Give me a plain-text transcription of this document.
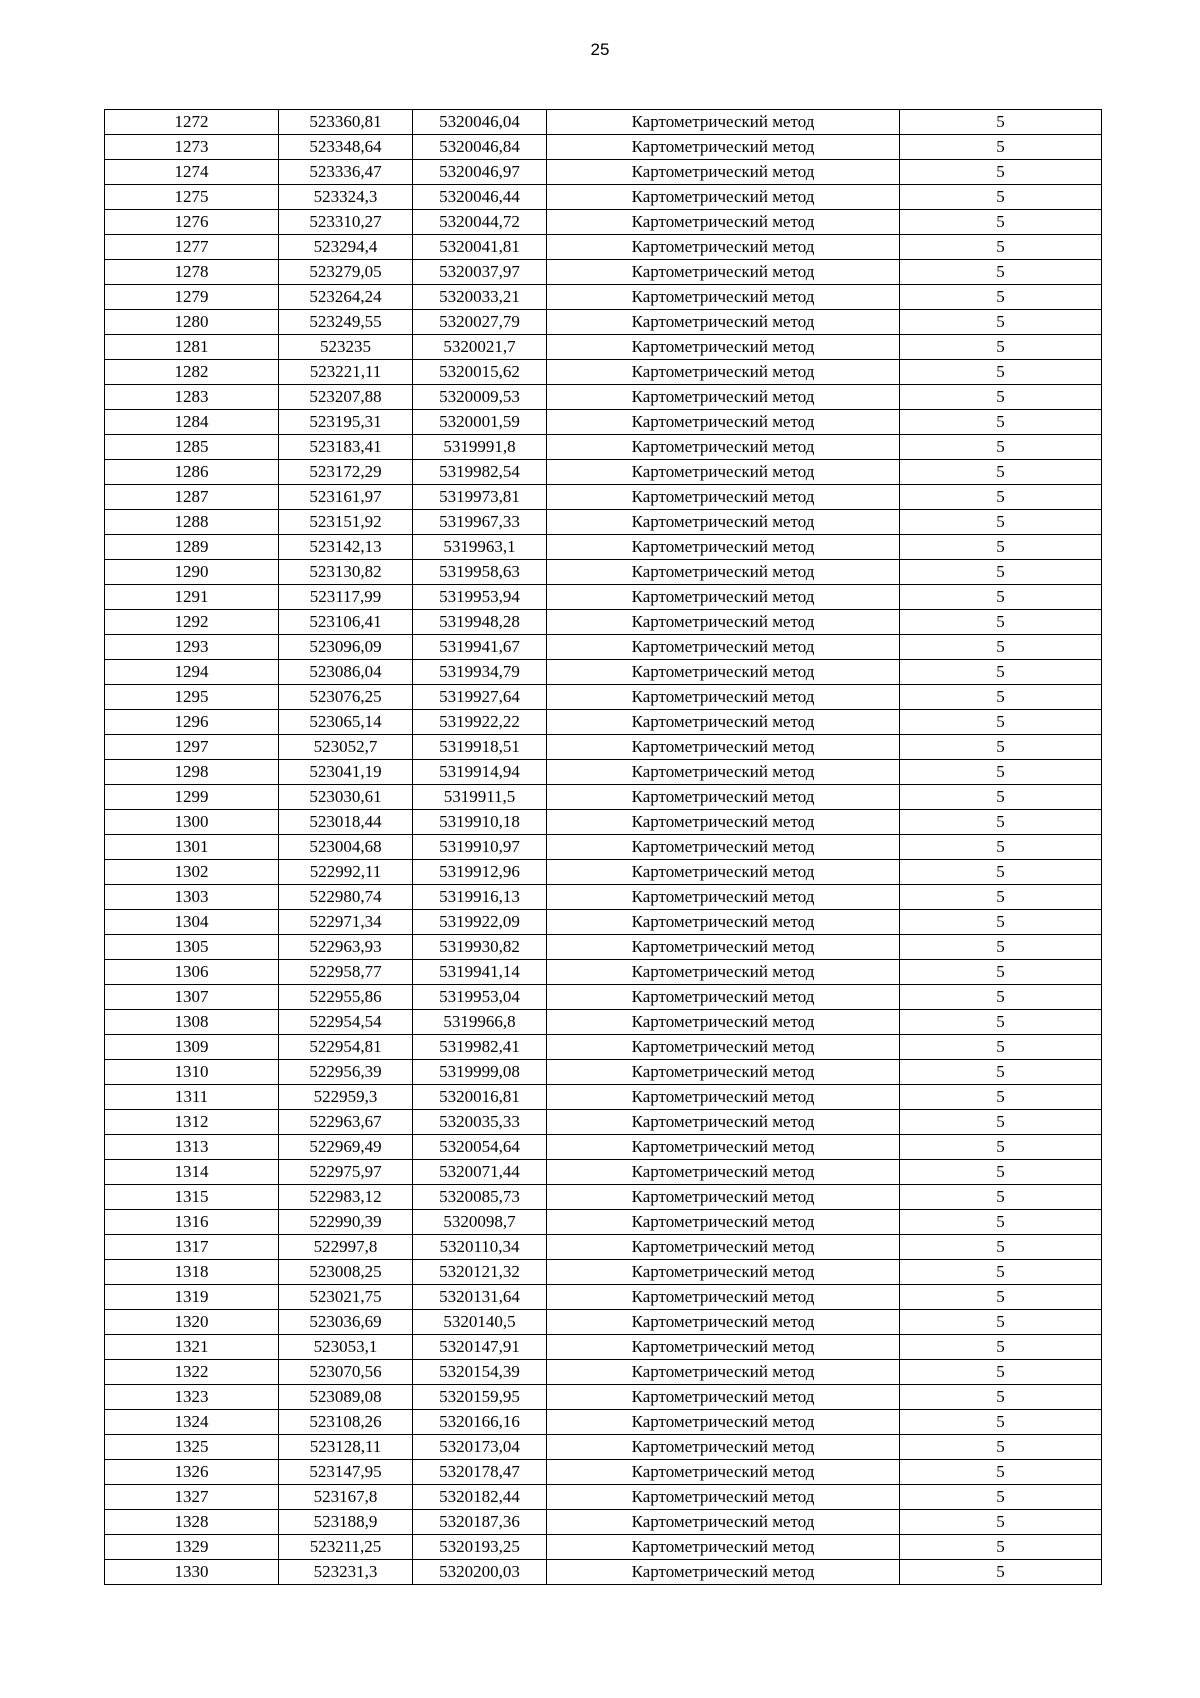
25
1272	523360,81	5320046,04	Картометрический метод	5
1273	523348,64	5320046,84	Картометрический метод	5
1274	523336,47	5320046,97	Картометрический метод	5
1275	523324,3	5320046,44	Картометрический метод	5
1276	523310,27	5320044,72	Картометрический метод	5
1277	523294,4	5320041,81	Картометрический метод	5
1278	523279,05	5320037,97	Картометрический метод	5
1279	523264,24	5320033,21	Картометрический метод	5
1280	523249,55	5320027,79	Картометрический метод	5
1281	523235	5320021,7	Картометрический метод	5
1282	523221,11	5320015,62	Картометрический метод	5
1283	523207,88	5320009,53	Картометрический метод	5
1284	523195,31	5320001,59	Картометрический метод	5
1285	523183,41	5319991,8	Картометрический метод	5
1286	523172,29	5319982,54	Картометрический метод	5
1287	523161,97	5319973,81	Картометрический метод	5
1288	523151,92	5319967,33	Картометрический метод	5
1289	523142,13	5319963,1	Картометрический метод	5
1290	523130,82	5319958,63	Картометрический метод	5
1291	523117,99	5319953,94	Картометрический метод	5
1292	523106,41	5319948,28	Картометрический метод	5
1293	523096,09	5319941,67	Картометрический метод	5
1294	523086,04	5319934,79	Картометрический метод	5
1295	523076,25	5319927,64	Картометрический метод	5
1296	523065,14	5319922,22	Картометрический метод	5
1297	523052,7	5319918,51	Картометрический метод	5
1298	523041,19	5319914,94	Картометрический метод	5
1299	523030,61	5319911,5	Картометрический метод	5
1300	523018,44	5319910,18	Картометрический метод	5
1301	523004,68	5319910,97	Картометрический метод	5
1302	522992,11	5319912,96	Картометрический метод	5
1303	522980,74	5319916,13	Картометрический метод	5
1304	522971,34	5319922,09	Картометрический метод	5
1305	522963,93	5319930,82	Картометрический метод	5
1306	522958,77	5319941,14	Картометрический метод	5
1307	522955,86	5319953,04	Картометрический метод	5
1308	522954,54	5319966,8	Картометрический метод	5
1309	522954,81	5319982,41	Картометрический метод	5
1310	522956,39	5319999,08	Картометрический метод	5
1311	522959,3	5320016,81	Картометрический метод	5
1312	522963,67	5320035,33	Картометрический метод	5
1313	522969,49	5320054,64	Картометрический метод	5
1314	522975,97	5320071,44	Картометрический метод	5
1315	522983,12	5320085,73	Картометрический метод	5
1316	522990,39	5320098,7	Картометрический метод	5
1317	522997,8	5320110,34	Картометрический метод	5
1318	523008,25	5320121,32	Картометрический метод	5
1319	523021,75	5320131,64	Картометрический метод	5
1320	523036,69	5320140,5	Картометрический метод	5
1321	523053,1	5320147,91	Картометрический метод	5
1322	523070,56	5320154,39	Картометрический метод	5
1323	523089,08	5320159,95	Картометрический метод	5
1324	523108,26	5320166,16	Картометрический метод	5
1325	523128,11	5320173,04	Картометрический метод	5
1326	523147,95	5320178,47	Картометрический метод	5
1327	523167,8	5320182,44	Картометрический метод	5
1328	523188,9	5320187,36	Картометрический метод	5
1329	523211,25	5320193,25	Картометрический метод	5
1330	523231,3	5320200,03	Картометрический метод	5
